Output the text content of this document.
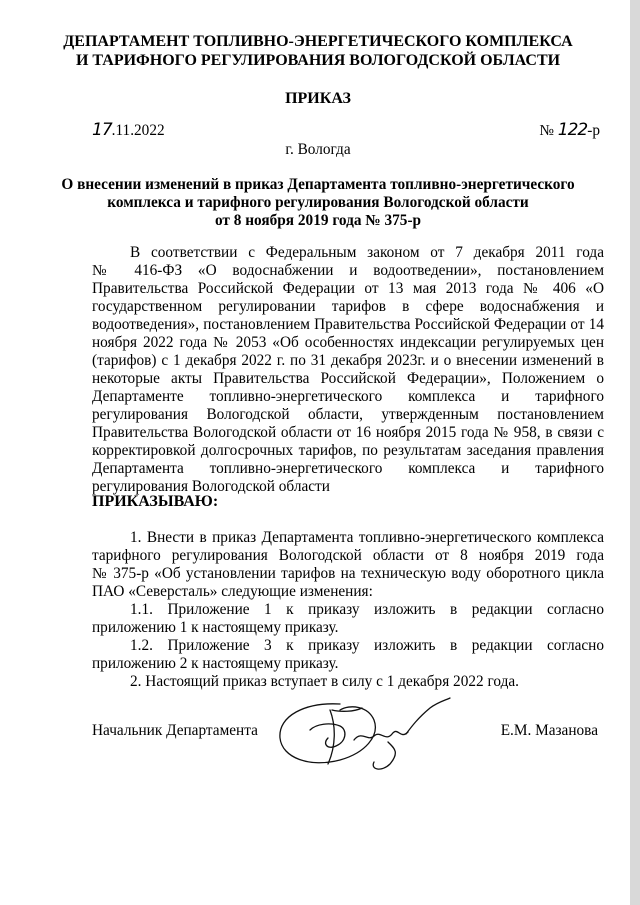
ДЕПАРТАМЕНТ ТОПЛИВНО-ЭНЕРГЕТИЧЕСКОГО КОМПЛЕКСА
И ТАРИФНОГО РЕГУЛИРОВАНИЯ ВОЛОГОДСКОЙ ОБЛАСТИ
ПРИКАЗ
17.11.2022	№ 122-р
г. Вологда
О внесении изменений в приказ Департамента топливно-энергетического
комплекса и тарифного регулирования Вологодской области
от 8 ноября 2019 года № 375-р
В соответствии с Федеральным законом от 7 декабря 2011 года
№ 416-ФЗ «О водоснабжении и водоотведении», постановлением
Правительства Российской Федерации от 13 мая 2013 года № 406 «О
государственном регулировании тарифов в сфере водоснабжения и
водоотведения», постановлением Правительства Российской Федерации от 14
ноября 2022 года № 2053 «Об особенностях индексации регулируемых цен
(тарифов) с 1 декабря 2022 г. по 31 декабря 2023г. и о внесении изменений в
некоторые акты Правительства Российской Федерации», Положением о
Департаменте топливно-энергетического комплекса и тарифного
регулирования Вологодской области, утвержденным постановлением
Правительства Вологодской области от 16 ноября 2015 года № 958, в связи с
корректировкой долгосрочных тарифов, по результатам заседания правления
Департамента топливно-энергетического комплекса и тарифного
регулирования Вологодской области
ПРИКАЗЫВАЮ:
1. Внести в приказ Департамента топливно-энергетического комплекса
тарифного регулирования Вологодской области от 8 ноября 2019 года
№ 375-р «Об установлении тарифов на техническую воду оборотного цикла
ПАО «Северсталь» следующие изменения:
1.1. Приложение 1 к приказу изложить в редакции согласно
приложению 1 к настоящему приказу.
1.2. Приложение 3 к приказу изложить в редакции согласно
приложению 2 к настоящему приказу.
2. Настоящий приказ вступает в силу с 1 декабря 2022 года.
Начальник Департамента	Е.М. Мазанова
